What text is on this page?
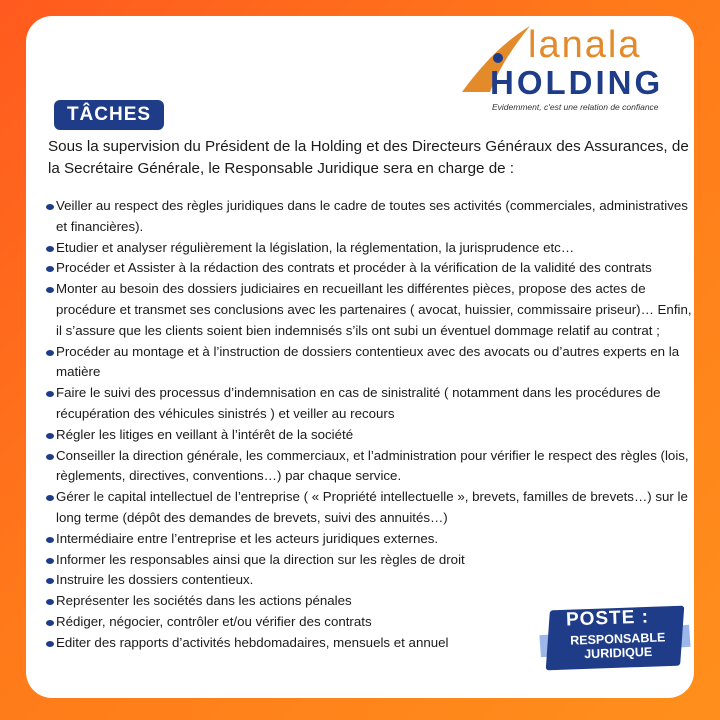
lanala
HOLDING
Evidemment, c'est une relation de confiance
TÂCHES
Sous la supervision du Président de la Holding et des Directeurs Généraux des Assurances, de la Secrétaire Générale, le Responsable Juridique sera en charge de :
Veiller au respect des règles juridiques dans le cadre de toutes ses activités (commerciales, administratives et financières).
Etudier et analyser régulièrement la législation, la réglementation, la jurisprudence etc…
Procéder et Assister à la rédaction des contrats et procéder à la vérification de la validité des contrats
Monter au besoin des dossiers judiciaires en recueillant les différentes pièces, propose des actes de procédure et transmet ses conclusions avec les partenaires ( avocat, huissier, commissaire priseur)… Enfin, il s’assure que les clients soient bien indemnisés s’ils ont subi un éventuel dommage relatif au contrat ;
Procéder au montage et à l’instruction de dossiers contentieux avec des avocats ou d’autres experts en la matière
Faire le suivi des processus d’indemnisation en cas de sinistralité ( notamment dans les procédures de récupération des véhicules sinistrés ) et veiller au recours
Régler les litiges en veillant à l’intérêt de la société
Conseiller la direction générale, les commerciaux, et l’administration pour vérifier le respect des règles (lois, règlements, directives, conventions…) par chaque service.
Gérer le capital intellectuel de l’entreprise ( « Propriété intellectuelle », brevets, familles de brevets…) sur le long terme (dépôt des demandes de brevets, suivi des annuités…)
Intermédiaire entre l’entreprise et les acteurs juridiques externes.
Informer les responsables ainsi que la direction sur les règles de droit
Instruire les dossiers contentieux.
Représenter les sociétés dans les actions pénales
Rédiger, négocier, contrôler et/ou vérifier des contrats
Editer des rapports d’activités hebdomadaires, mensuels et annuel
POSTE :
RESPONSABLE
JURIDIQUE
